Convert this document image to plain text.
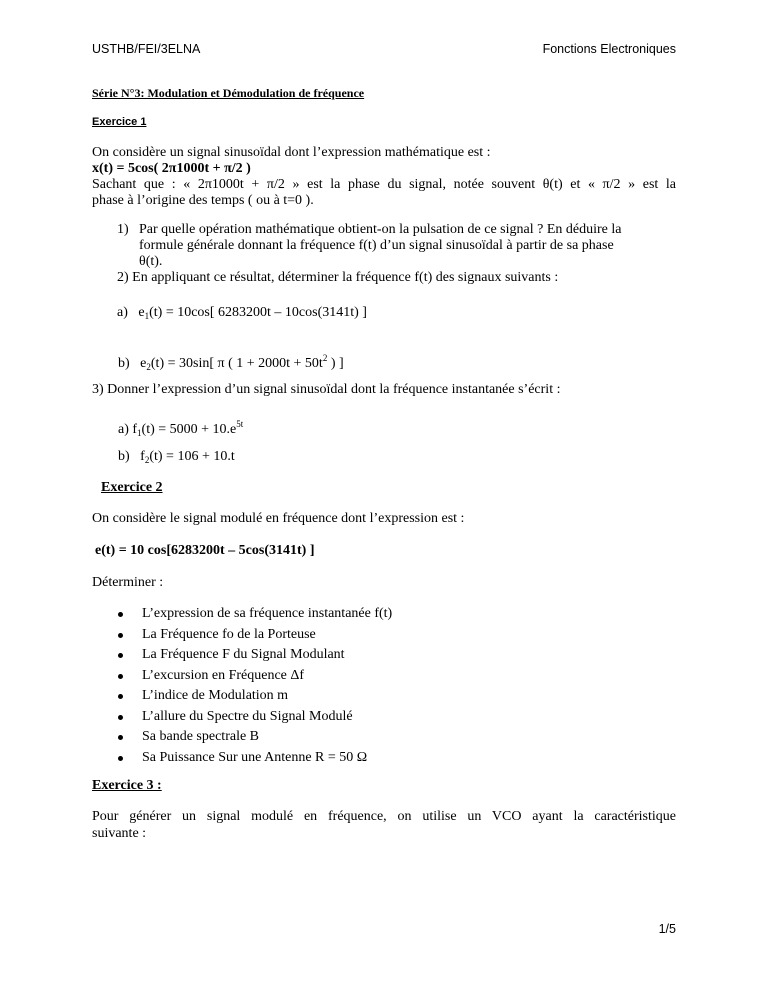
USTHB/FEI/3ELNA	Fonctions Electroniques
Série N°3: Modulation et Démodulation de fréquence
Exercice 1
On considère un signal sinusoïdal dont l’expression mathématique est :
x(t) = 5cos( 2π1000t + π/2 )
Sachant que : « 2π1000t + π/2 » est la phase du signal, notée souvent θ(t) et « π/2 » est la
phase à l’origine des temps ( ou à t=0 ).
1) Par quelle opération mathématique obtient-on la pulsation de ce signal ? En déduire la
formule générale donnant la fréquence f(t) d’un signal sinusoïdal à partir de sa phase
θ(t).
2) En appliquant ce résultat, déterminer la fréquence f(t) des signaux suivants :
a) $e_1(t) = 10\cos$[ 6283200t – 10cos(3141t) ]
b) $e_2(t) = 30\sin$[ π ( $1 + 2000t + 50t^2$ ) ]
3) Donner l’expression d’un signal sinusoïdal dont la fréquence instantanée s’écrit :
a) $f_1(t) = 5000 + 10.e^{5t}$
b) $f_2(t) = 106 + 10.t$
Exercice 2
On considère le signal modulé en fréquence dont l’expression est :
e(t) = 10 cos[6283200t – 5cos(3141t) ]
Déterminer :
L’expression de sa fréquence instantanée f(t)
La Fréquence fo de la Porteuse
La Fréquence F du Signal Modulant
L’excursion en Fréquence Δf
L’indice de Modulation m
L’allure du Spectre du Signal Modulé
Sa bande spectrale B
Sa Puissance Sur une Antenne R = 50 Ω
Exercice 3 :
Pour générer un signal modulé en fréquence, on utilise un VCO ayant la caractéristique
suivante :
1/5
